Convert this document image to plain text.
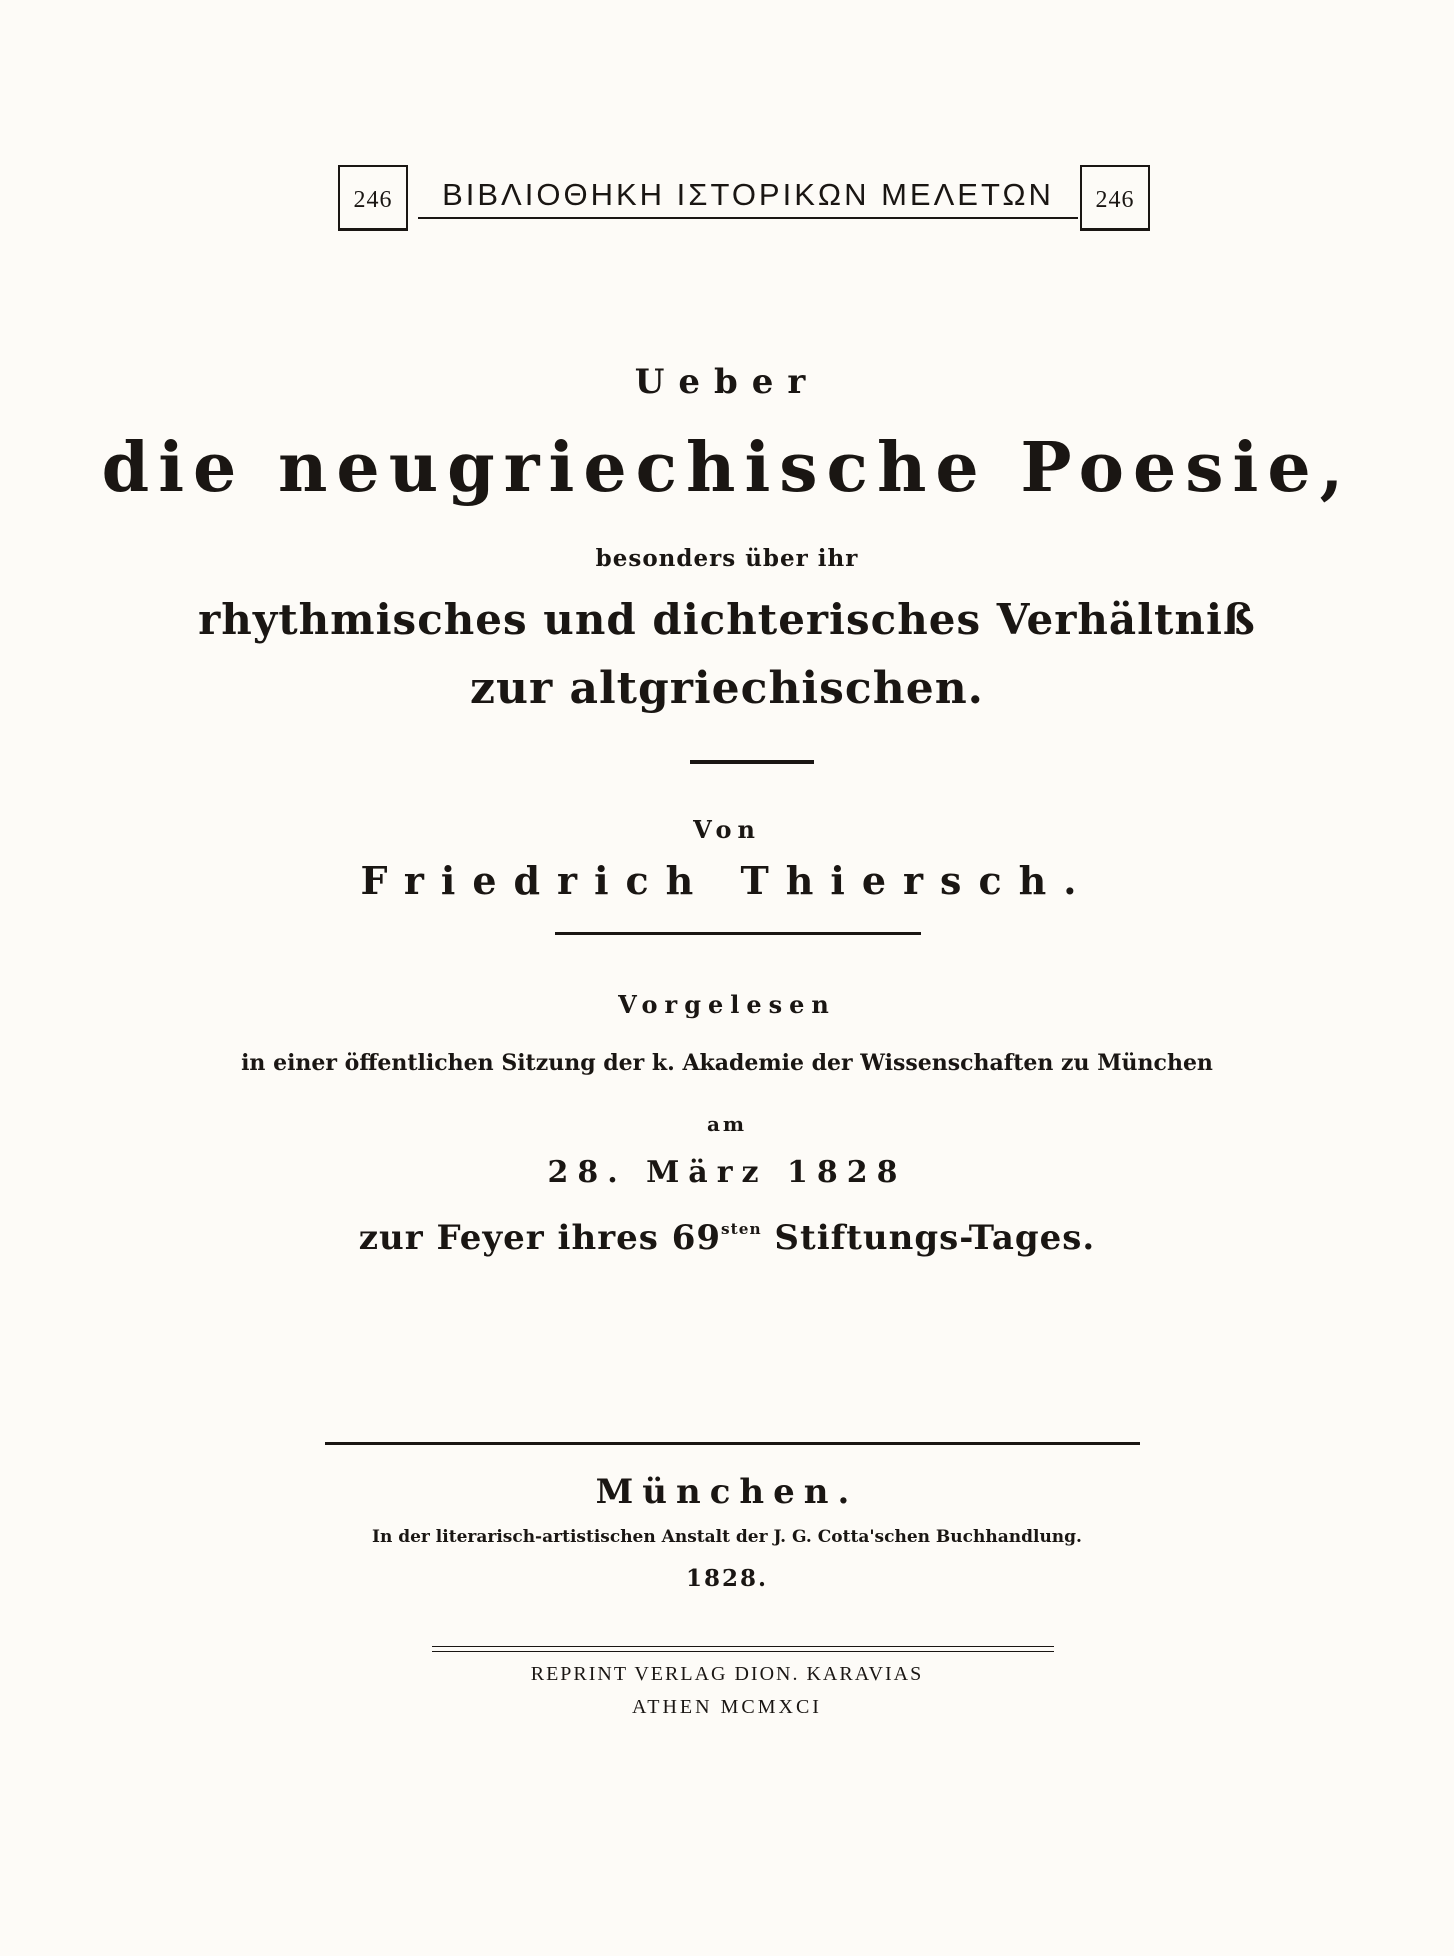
246	ΒΙΒΛΙΟΘΗΚΗ ΙΣΤΟΡΙΚΩΝ ΜΕΛΕΤΩΝ	246
Ueber
die neugriechische Poesie,
besonders über ihr
rhythmisches und dichterisches Verhältniß
zur altgriechischen.
Von
Friedrich Thiersch.
Vorgelesen
in einer öffentlichen Sitzung der k. Akademie der Wissenschaften zu München
am
28. März 1828
zur Feyer ihres $69^{sten}$ Stiftungs-Tages.
München.
In der literarisch-artistischen Anstalt der J. G. Cotta'schen Buchhandlung.
1828.
REPRINT VERLAG DION. KARAVIAS
ATHEN MCMXCI
